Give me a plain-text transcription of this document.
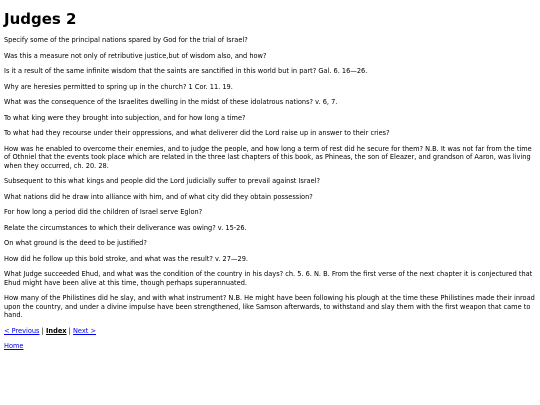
Judges 2

Specify some of the principal nations spared by God for the trial of Israel?

Was this a measure not only of retributive justice,but of wisdom also, and how?

Is it a result of the same infinite wisdom that the saints are sanctified in this world but in part? Gal. 6. 16—26.

Why are heresies permitted to spring up in the church? 1 Cor. 11. 19.

What was the consequence of the Israelites dwelling in the midst of these idolatrous nations? v. 6, 7.

To what king were they brought into subjection, and for how long a time?

To what had they recourse under their oppressions, and what deliverer did the Lord raise up in answer to their cries?

How was he enabled to overcome their enemies, and to judge the people, and how long a term of rest did he secure for them? N.B. It was not far from the time of Othniel that the events took place which are related in the three last chapters of this book, as Phineas, the son of Eleazer, and grandson of Aaron, was living when they occurred, ch. 20. 28.

Subsequent to this what kings and people did the Lord judicially suffer to prevail against Israel?

What nations did he draw into alliance with him, and of what city did they obtain possession?

For how long a period did the children of Israel serve Eglon?

Relate the circumstances to which their deliverance was owing? v. 15-26.

On what ground is the deed to be justified?

How did he follow up this bold stroke, and what was the result? v. 27—29.

What Judge succeeded Ehud, and what was the condition of the country in his days? ch. 5. 6. N. B. From the first verse of the next chapter it is conjectured that Ehud might have been alive at this time, though perhaps superannuated.

How many of the Philistines did he slay, and with what instrument? N.B. He might have been following his plough at the time these Philistines made their inroad upon the country, and under a divine impulse have been strengthened, like Samson afterwards, to withstand and slay them with the first weapon that came to hand.

< Previous | Index | Next >
Home
